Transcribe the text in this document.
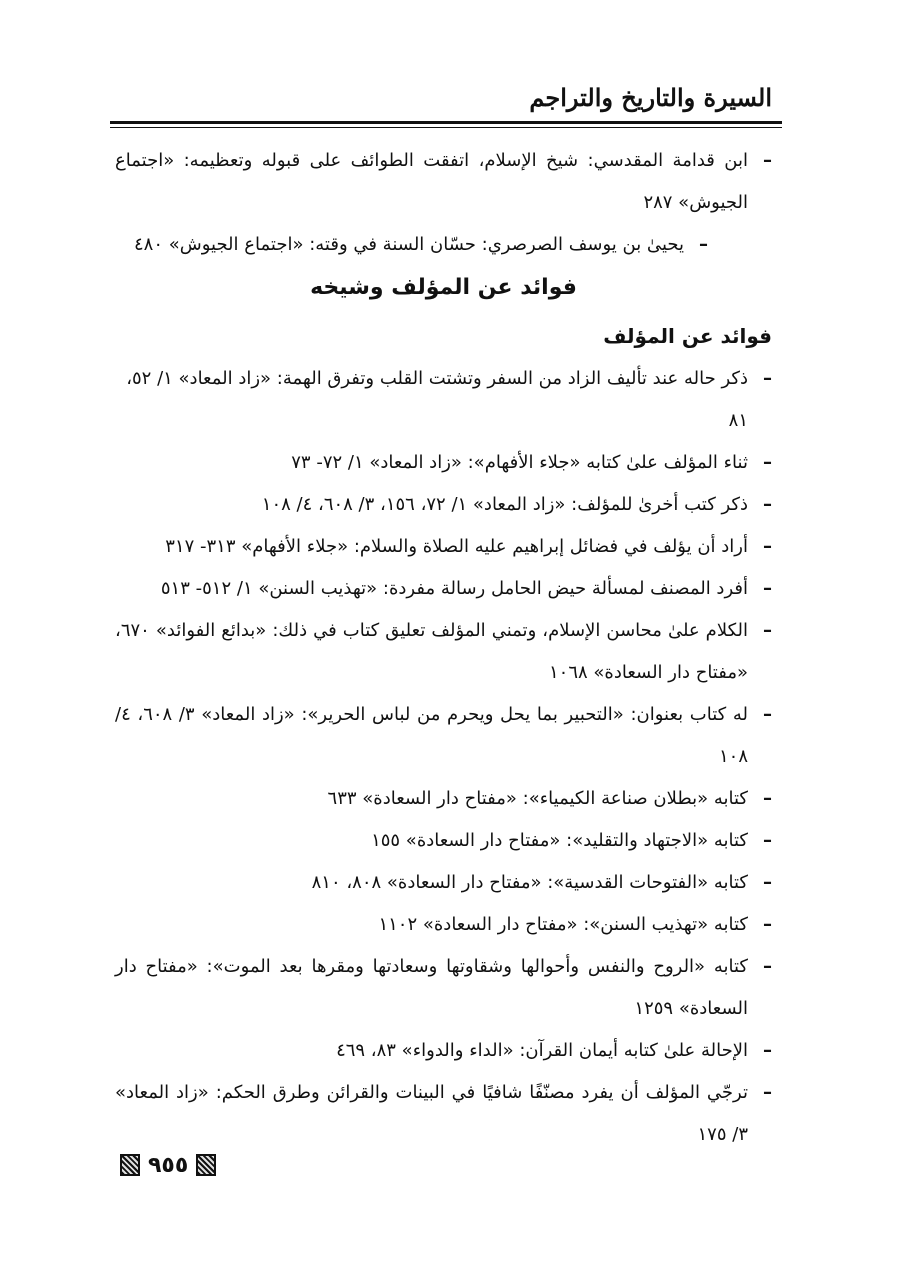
السيرة والتاريخ والتراجم
–
ابن قدامة المقدسي: شيخ الإسلام، اتفقت الطوائف على قبوله وتعظيمه: «اجتماع الجيوش» ٢٨٧
–
يحيىٰ بن يوسف الصرصري: حسّان السنة في وقته: «اجتماع الجيوش» ٤٨٠
فوائد عن المؤلف وشيخه
فوائد عن المؤلف
–
ذكر حاله عند تأليف الزاد من السفر وتشتت القلب وتفرق الهمة: «زاد المعاد» ١/ ٥٢، ٨١
–
ثناء المؤلف علىٰ كتابه «جلاء الأفهام»: «زاد المعاد» ١/ ٧٢- ٧٣
–
ذكر كتب أخرىٰ للمؤلف: «زاد المعاد» ١/ ٧٢، ١٥٦، ٣/ ٦٠٨، ٤/ ١٠٨
–
أراد أن يؤلف في فضائل إبراهيم عليه الصلاة والسلام: «جلاء الأفهام» ٣١٣- ٣١٧
–
أفرد المصنف لمسألة حيض الحامل رسالة مفردة: «تهذيب السنن» ١/ ٥١٢- ٥١٣
–
الكلام علىٰ محاسن الإسلام، وتمني المؤلف تعليق كتاب في ذلك: «بدائع الفوائد» ٦٧٠، «مفتاح دار السعادة» ١٠٦٨
–
له كتاب بعنوان: «التحبير بما يحل ويحرم من لباس الحرير»: «زاد المعاد» ٣/ ٦٠٨، ٤/ ١٠٨
–
كتابه «بطلان صناعة الكيمياء»: «مفتاح دار السعادة» ٦٣٣
–
كتابه «الاجتهاد والتقليد»: «مفتاح دار السعادة» ١٥٥
–
كتابه «الفتوحات القدسية»: «مفتاح دار السعادة» ٨٠٨، ٨١٠
–
كتابه «تهذيب السنن»: «مفتاح دار السعادة» ١١٠٢
–
كتابه «الروح والنفس وأحوالها وشقاوتها وسعادتها ومقرها بعد الموت»: «مفتاح دار السعادة» ١٢٥٩
–
الإحالة علىٰ كتابه أيمان القرآن: «الداء والدواء» ٨٣، ٤٦٩
–
ترجّي المؤلف أن يفرد مصنّفًا شافيًا في البينات والقرائن وطرق الحكم: «زاد المعاد» ٣/ ١٧٥
٩٥٥
